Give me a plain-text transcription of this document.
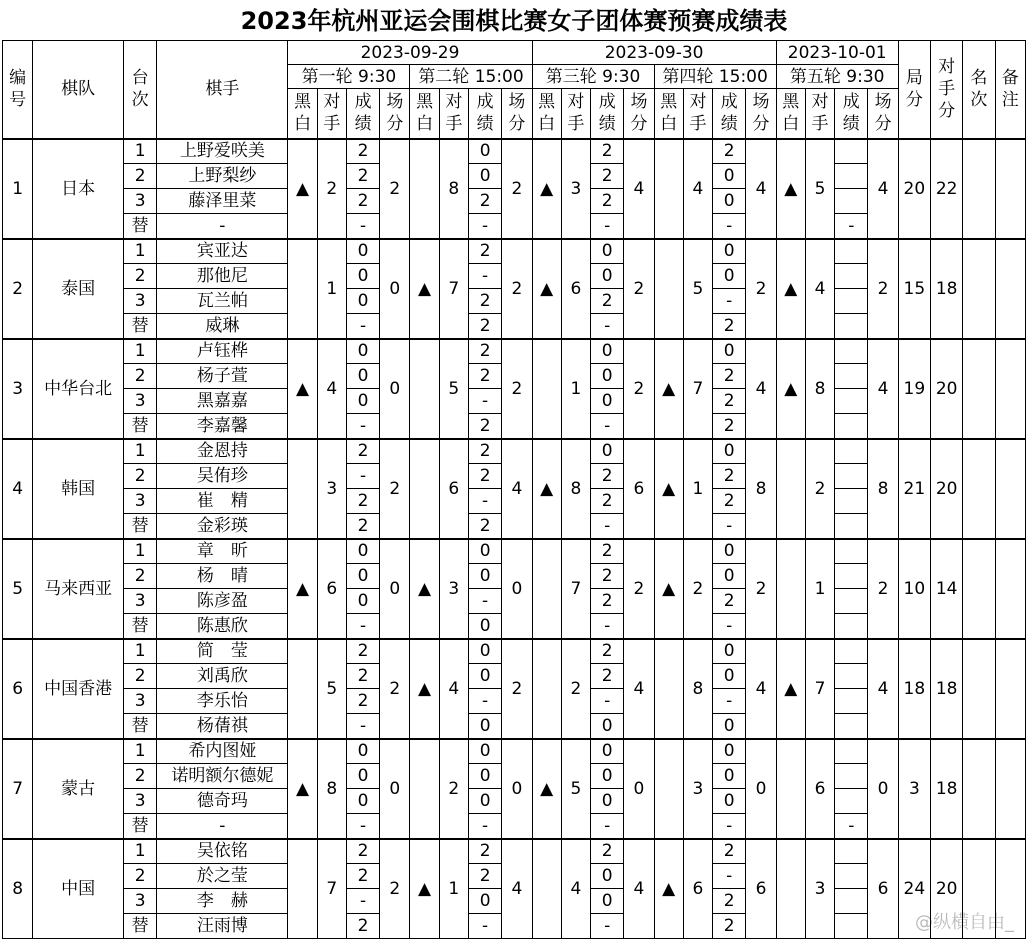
2023年杭州亚运会围棋比赛女子团体赛预赛成绩表
编号	棋队	台次	棋手	2023-09-29								2023-09-30								2023-10-01				局分	对手分	名次	备注
				第一轮 9:30				第二轮 15:00				第三轮 9:30				第四轮 15:00				第五轮 9:30							
				黑白	对手	成绩	场分	黑白	对手	成绩	场分	黑白	对手	成绩	场分	黑白	对手	成绩	场分	黑白	对手	成绩	场分				
1	日本	1	上野爱咲美	▲	2	2	2		8	0	2	▲	3	2	4		4	2	4	▲	5		4	20	22		
		2	上野梨纱			2				0				2				0									
		3	藤泽里菜			2				2				2				0									
		替	-			-				-				-				-				-					
2	泰国	1	宾亚达		1	0	0	▲	7	2	2	▲	6	0	2		5	0	2	▲	4		2	15	18		
		2	那他尼			0				-				0				0									
		3	瓦兰帕			0				2				2				-									
		替	威琳			-				2				-				2									
3	中华台北	1	卢钰桦	▲	4	0	0		5	2	2		1	0	2	▲	7	0	4	▲	8		4	19	20		
		2	杨子萱			0				2				0				2									
		3	黑嘉嘉			0				-				0				2									
		替	李嘉馨			-				2				-				2									
4	韩国	1	金恩持		3	2	2		6	2	4	▲	8	0	6	▲	1	0	8		2		8	21	20		
		2	吴侑珍			-				2				2				2									
		3	崔　精			2				-				2				2									
		替	金彩瑛			2				2				-				-									
5	马来西亚	1	章　昕	▲	6	0	0	▲	3	0	0		7	2	2	▲	2	0	2		1		2	10	14		
		2	杨　晴			0				0				2				0									
		3	陈彦盈			0				-				2				2									
		替	陈惠欣			-				0				-				-									
6	中国香港	1	简　莹		5	2	2	▲	4	0	2		2	2	4		8	0	4	▲	7		4	18	18		
		2	刘禹欣			2				0				2				0									
		3	李乐怡			2				-				-				-									
		替	杨蒨祺			-				0				0				0									
7	蒙古	1	希内图娅	▲	8	0	0		2	0	0	▲	5	0	0		3	0	0		6		0	3	18		
		2	诺明额尔德妮			0				0				0				0									
		3	德奇玛			0				0				0				0									
		替	-			-				-				-				-				-					
8	中国	1	吴依铭		7	2	2	▲	1	2	4		4	2	4	▲	6	2	6		3		6	24	20		
		2	於之莹			2				2				0				-									
		3	李　赫			-				0				0				2									
		替	汪雨博			2				-				-				2										@纵横自由_
